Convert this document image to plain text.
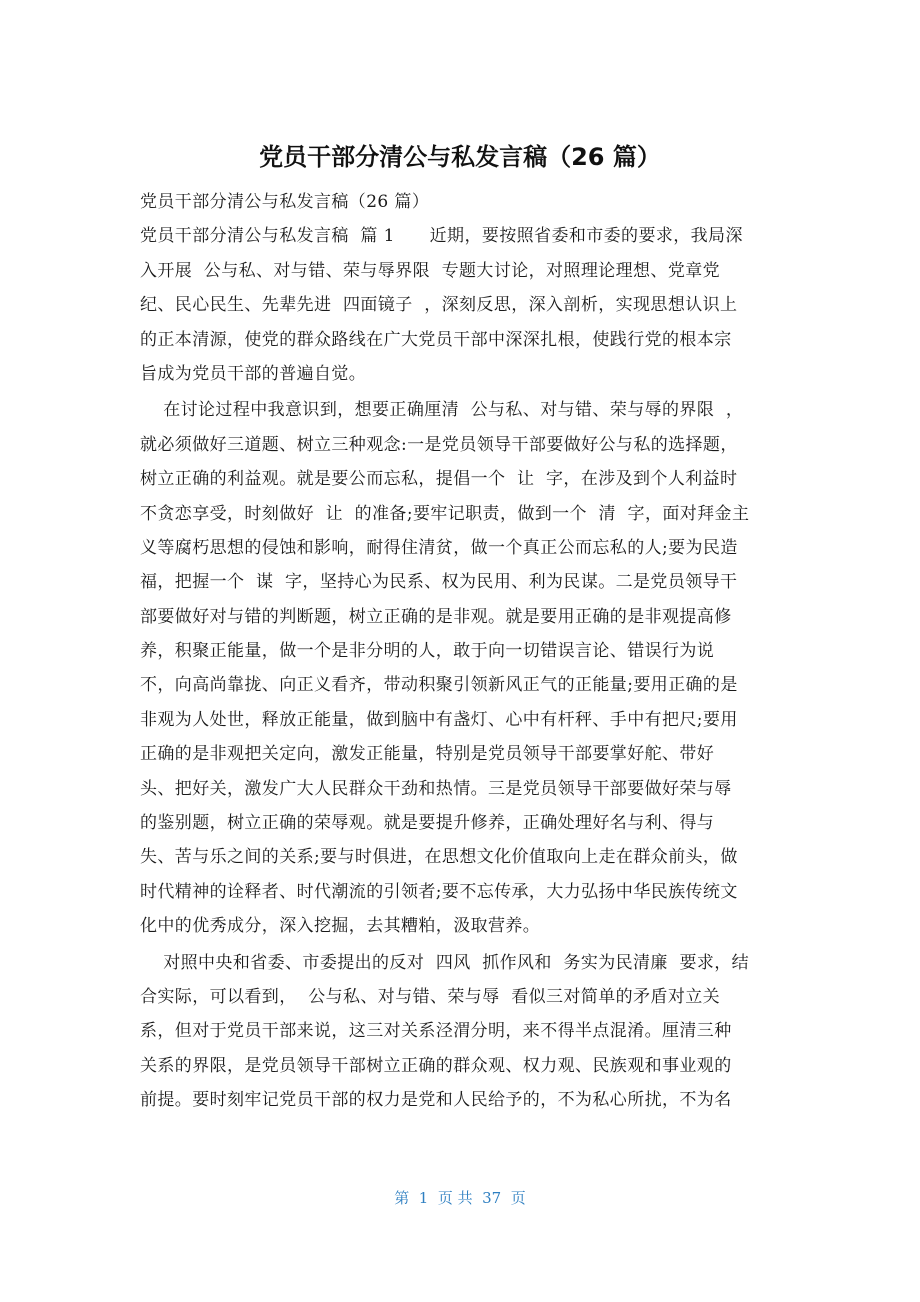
党员干部分清公与私发言稿（26 篇）
党员干部分清公与私发言稿（26 篇）
党员干部分清公与私发言稿  篇 1      近期，要按照省委和市委的要求，我局深
入开展  公与私、对与错、荣与辱界限  专题大讨论，对照理论理想、党章党
纪、民心民生、先辈先进  四面镜子  ，深刻反思，深入剖析，实现思想认识上
的正本清源，使党的群众路线在广大党员干部中深深扎根，使践行党的根本宗
旨成为党员干部的普遍自觉。
在讨论过程中我意识到，想要正确厘清  公与私、对与错、荣与辱的界限  ，
就必须做好三道题、树立三种观念:一是党员领导干部要做好公与私的选择题，
树立正确的利益观。就是要公而忘私，提倡一个  让  字，在涉及到个人利益时
不贪恋享受，时刻做好  让  的准备;要牢记职责，做到一个  清  字，面对拜金主
义等腐朽思想的侵蚀和影响，耐得住清贫，做一个真正公而忘私的人;要为民造
福，把握一个  谋  字，坚持心为民系、权为民用、利为民谋。二是党员领导干
部要做好对与错的判断题，树立正确的是非观。就是要用正确的是非观提高修
养，积聚正能量，做一个是非分明的人，敢于向一切错误言论、错误行为说
不，向高尚靠拢、向正义看齐，带动积聚引领新风正气的正能量;要用正确的是
非观为人处世，释放正能量，做到脑中有盏灯、心中有杆秤、手中有把尺;要用
正确的是非观把关定向，激发正能量，特别是党员领导干部要掌好舵、带好
头、把好关，激发广大人民群众干劲和热情。三是党员领导干部要做好荣与辱
的鉴别题，树立正确的荣辱观。就是要提升修养，正确处理好名与利、得与
失、苦与乐之间的关系;要与时俱进，在思想文化价值取向上走在群众前头，做
时代精神的诠释者、时代潮流的引领者;要不忘传承，大力弘扬中华民族传统文
化中的优秀成分，深入挖掘，去其糟粕，汲取营养。
对照中央和省委、市委提出的反对  四风  抓作风和  务实为民清廉  要求，结
合实际，可以看到，  公与私、对与错、荣与辱  看似三对简单的矛盾对立关
系，但对于党员干部来说，这三对关系泾渭分明，来不得半点混淆。厘清三种
关系的界限，是党员领导干部树立正确的群众观、权力观、民族观和事业观的
前提。要时刻牢记党员干部的权力是党和人民给予的，不为私心所扰，不为名
第  1  页 共  37  页
